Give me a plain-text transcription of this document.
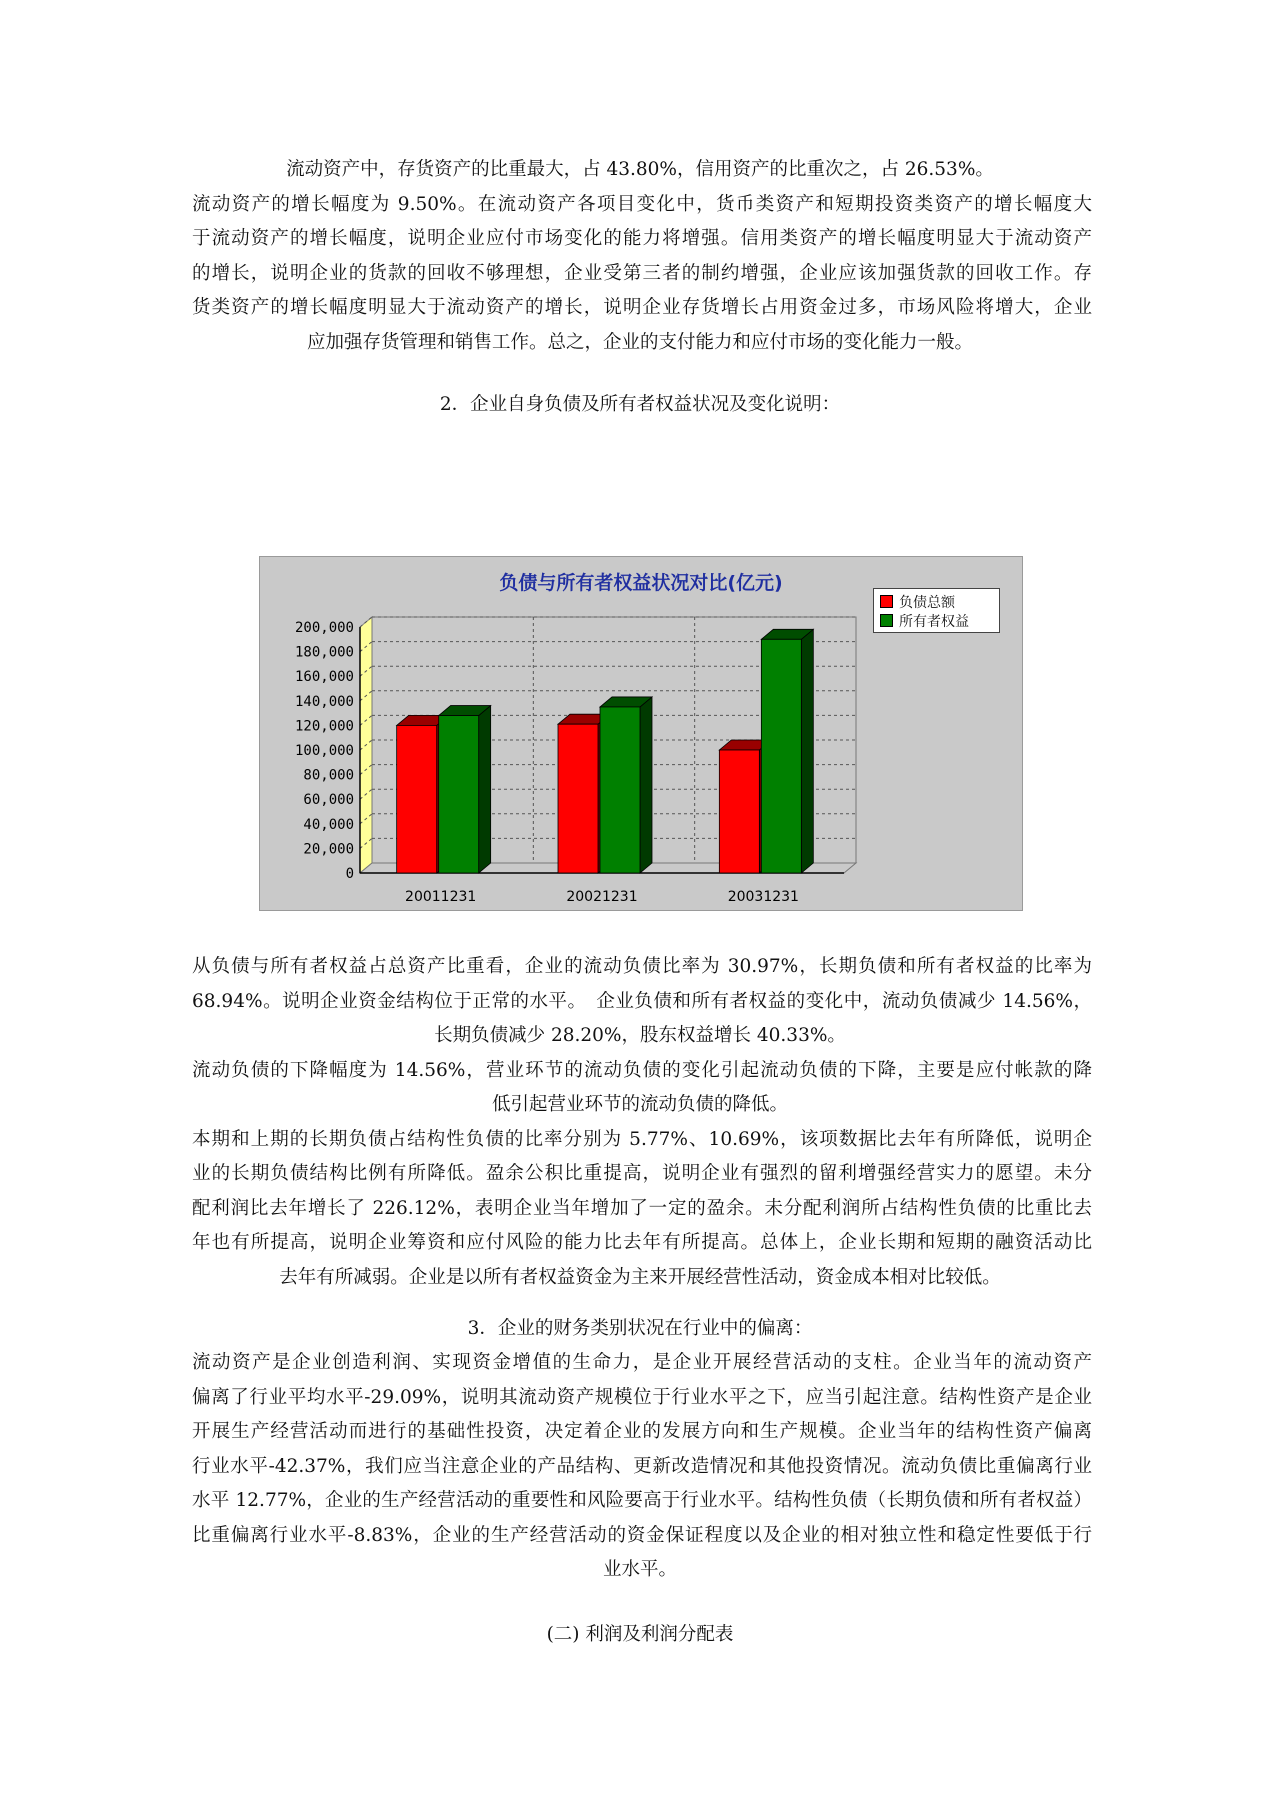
流动资产中，存货资产的比重最大，占 43.80%，信用资产的比重次之，占 26.53%。
流动资产的增长幅度为 9.50%。在流动资产各项目变化中，货币类资产和短期投资类资产的增长幅度大
于流动资产的增长幅度，说明企业应付市场变化的能力将增强。信用类资产的增长幅度明显大于流动资产
的增长，说明企业的货款的回收不够理想，企业受第三者的制约增强，企业应该加强货款的回收工作。存
货类资产的增长幅度明显大于流动资产的增长，说明企业存货增长占用资金过多，市场风险将增大，企业
应加强存货管理和销售工作。总之，企业的支付能力和应付市场的变化能力一般。
2．企业自身负债及所有者权益状况及变化说明：
负债与所有者权益状况对比(亿元)
200,000
180,000
160,000
140,000
120,000
100,000
80,000
60,000
40,000
20,000
0
20011231	20021231	20031231
负债总额
所有者权益
从负债与所有者权益占总资产比重看，企业的流动负债比率为 30.97%，长期负债和所有者权益的比率为
68.94%。说明企业资金结构位于正常的水平。　企业负债和所有者权益的变化中，流动负债减少 14.56%，
长期负债减少 28.20%，股东权益增长 40.33%。
流动负债的下降幅度为 14.56%，营业环节的流动负债的变化引起流动负债的下降，主要是应付帐款的降
低引起营业环节的流动负债的降低。
本期和上期的长期负债占结构性负债的比率分别为 5.77%、10.69%，该项数据比去年有所降低，说明企
业的长期负债结构比例有所降低。盈余公积比重提高，说明企业有强烈的留利增强经营实力的愿望。未分
配利润比去年增长了 226.12%，表明企业当年增加了一定的盈余。未分配利润所占结构性负债的比重比去
年也有所提高，说明企业筹资和应付风险的能力比去年有所提高。总体上，企业长期和短期的融资活动比
去年有所减弱。企业是以所有者权益资金为主来开展经营性活动，资金成本相对比较低。
3．企业的财务类别状况在行业中的偏离：
流动资产是企业创造利润、实现资金增值的生命力，是企业开展经营活动的支柱。企业当年的流动资产
偏离了行业平均水平-29.09%，说明其流动资产规模位于行业水平之下，应当引起注意。结构性资产是企业
开展生产经营活动而进行的基础性投资，决定着企业的发展方向和生产规模。企业当年的结构性资产偏离
行业水平-42.37%，我们应当注意企业的产品结构、更新改造情况和其他投资情况。流动负债比重偏离行业
水平 12.77%，企业的生产经营活动的重要性和风险要高于行业水平。结构性负债（长期负债和所有者权益）
比重偏离行业水平-8.83%，企业的生产经营活动的资金保证程度以及企业的相对独立性和稳定性要低于行
业水平。
(二) 利润及利润分配表
